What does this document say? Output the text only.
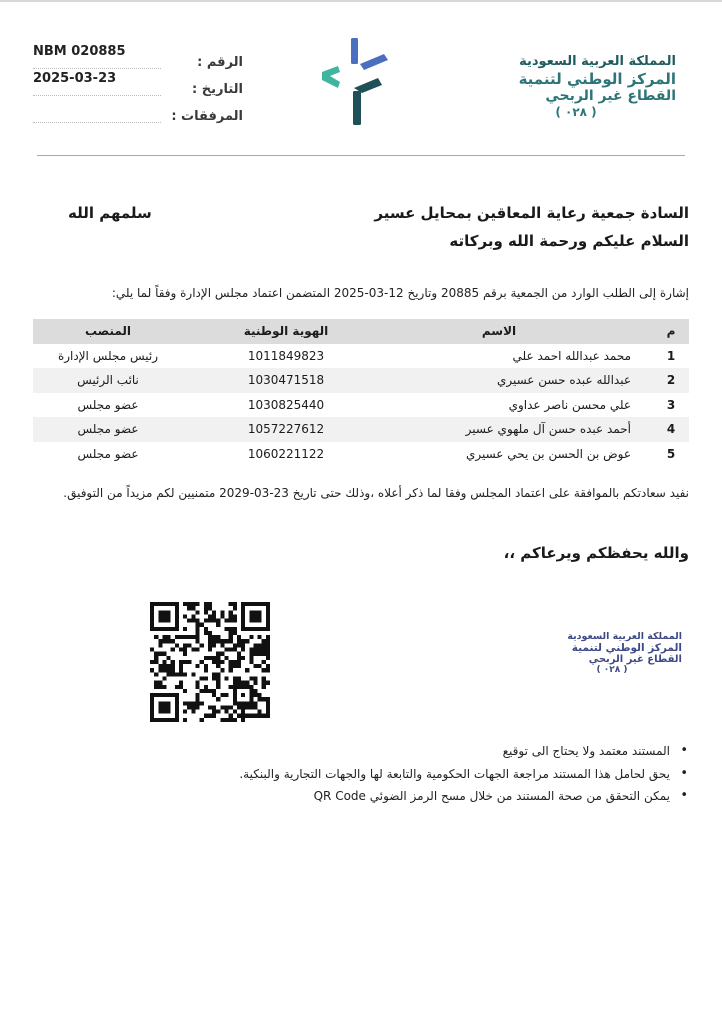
NBM 020885
الرقم :
2025-03-23
التاريخ :
المرفقات :
المملكة العربية السعودية
المركز الوطني لتنمية
القطاع غير الربحي
( ٠٢٨ )
السادة جمعية رعاية المعاقين بمحايل عسير
سلمهم الله
السلام عليكم ورحمة الله وبركاته
إشارة إلى الطلب الوارد من الجمعية برقم 20885 وتاريخ 12-03-2025 المتضمن اعتماد مجلس الإدارة وفقاً لما يلي:
م
الاسم
الهوية الوطنية
المنصب
1
محمد عبدالله احمد علي
1011849823
رئيس مجلس الإدارة
2
عبدالله عبده حسن عسيري
1030471518
نائب الرئيس
3
علي محسن ناصر عداوي
1030825440
عضو مجلس
4
أحمد عبده حسن آل ملهوي عسير
1057227612
عضو مجلس
5
عوض بن الحسن بن يحي عسيري
1060221122
عضو مجلس
نفيد سعادتكم بالموافقة على اعتماد المجلس وفقا لما ذكر أعلاه ،وذلك حتى تاريخ 23-03-2029 متمنيين لكم مزيداً من التوفيق.
والله يحفظكم ويرعاكم ،،
المملكة العربية السعودية
المركز الوطني لتنمية
القطاع غير الربحي
( ٠٢٨ )
• المستند معتمد ولا يحتاج الى توقيع
• يحق لحامل هذا المستند مراجعة الجهات الحكومية والتابعة لها والجهات التجارية والبنكية.
• يمكن التحقق من صحة المستند من خلال مسح الرمز الضوئي QR Code
